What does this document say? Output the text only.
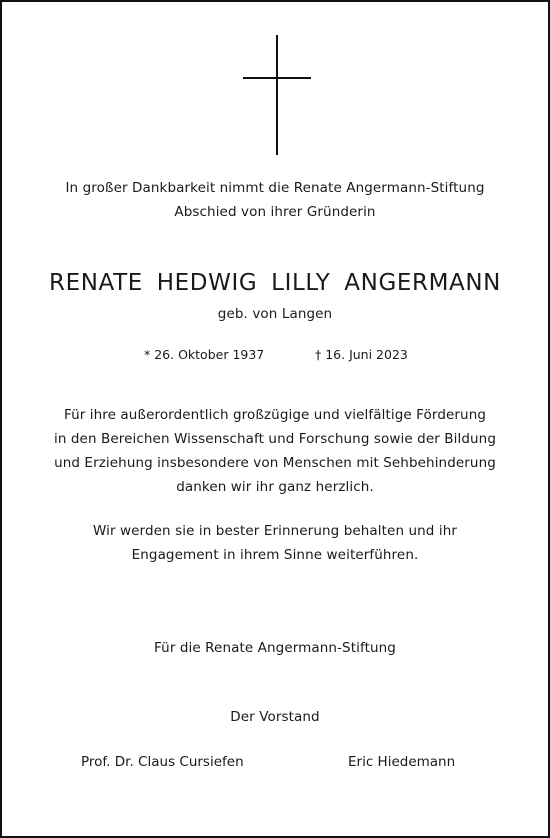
In großer Dankbarkeit nimmt die Renate Angermann-Stiftung
Abschied von ihrer Gründerin
RENATE HEDWIG LILLY ANGERMANN
geb. von Langen
* 26. Oktober 1937	† 16. Juni 2023
Für ihre außerordentlich großzügige und vielfältige Förderung
in den Bereichen Wissenschaft und Forschung sowie der Bildung
und Erziehung insbesondere von Menschen mit Sehbehinderung
danken wir ihr ganz herzlich.
Wir werden sie in bester Erinnerung behalten und ihr
Engagement in ihrem Sinne weiterführen.
Für die Renate Angermann-Stiftung
Der Vorstand
Prof. Dr. Claus Cursiefen	Eric Hiedemann
